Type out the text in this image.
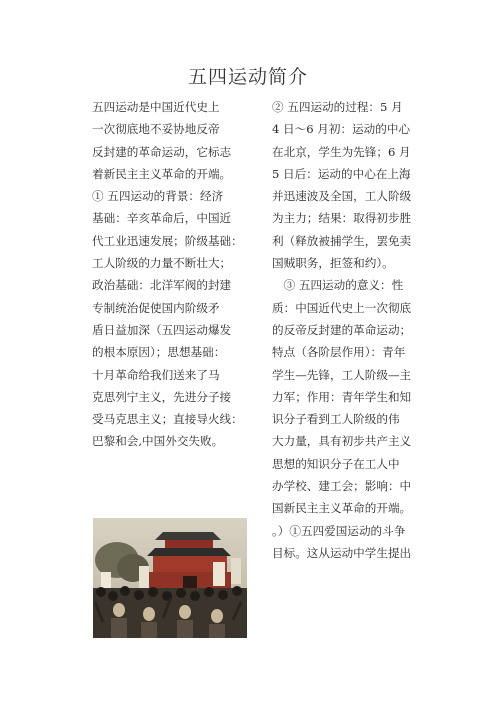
五四运动简介
五四运动是中国近代史上
一次彻底地不妥协地反帝
反封建的革命运动，它标志
着新民主主义革命的开端。
① 五四运动的背景：经济
基础：辛亥革命后，中国近
代工业迅速发展；阶级基础：
工人阶级的力量不断壮大；
政治基础：北洋军阀的封建
专制统治促使国内阶级矛
盾日益加深（五四运动爆发
的根本原因）；思想基础：
十月革命给我们送来了马
克思列宁主义，先进分子接
受马克思主义；直接导火线：
巴黎和会,中国外交失败。
② 五四运动的过程：5 月
4 日～6 月初：运动的中心
在北京，学生为先锋；6 月
5 日后：运动的中心在上海
并迅速波及全国，工人阶级
为主力；结果：取得初步胜
利（释放被捕学生，罢免卖
国贼职务，拒签和约）。
　③ 五四运动的意义：性
质：中国近代史上一次彻底
的反帝反封建的革命运动；
特点（各阶层作用）：青年
学生—先锋，工人阶级—主
力军；作用：青年学生和知
识分子看到工人阶级的伟
大力量，具有初步共产主义
思想的知识分子在工人中
办学校、建工会；影响：中
国新民主主义革命的开端。
。）①五四爱国运动的斗争
目标。这从运动中学生提出
